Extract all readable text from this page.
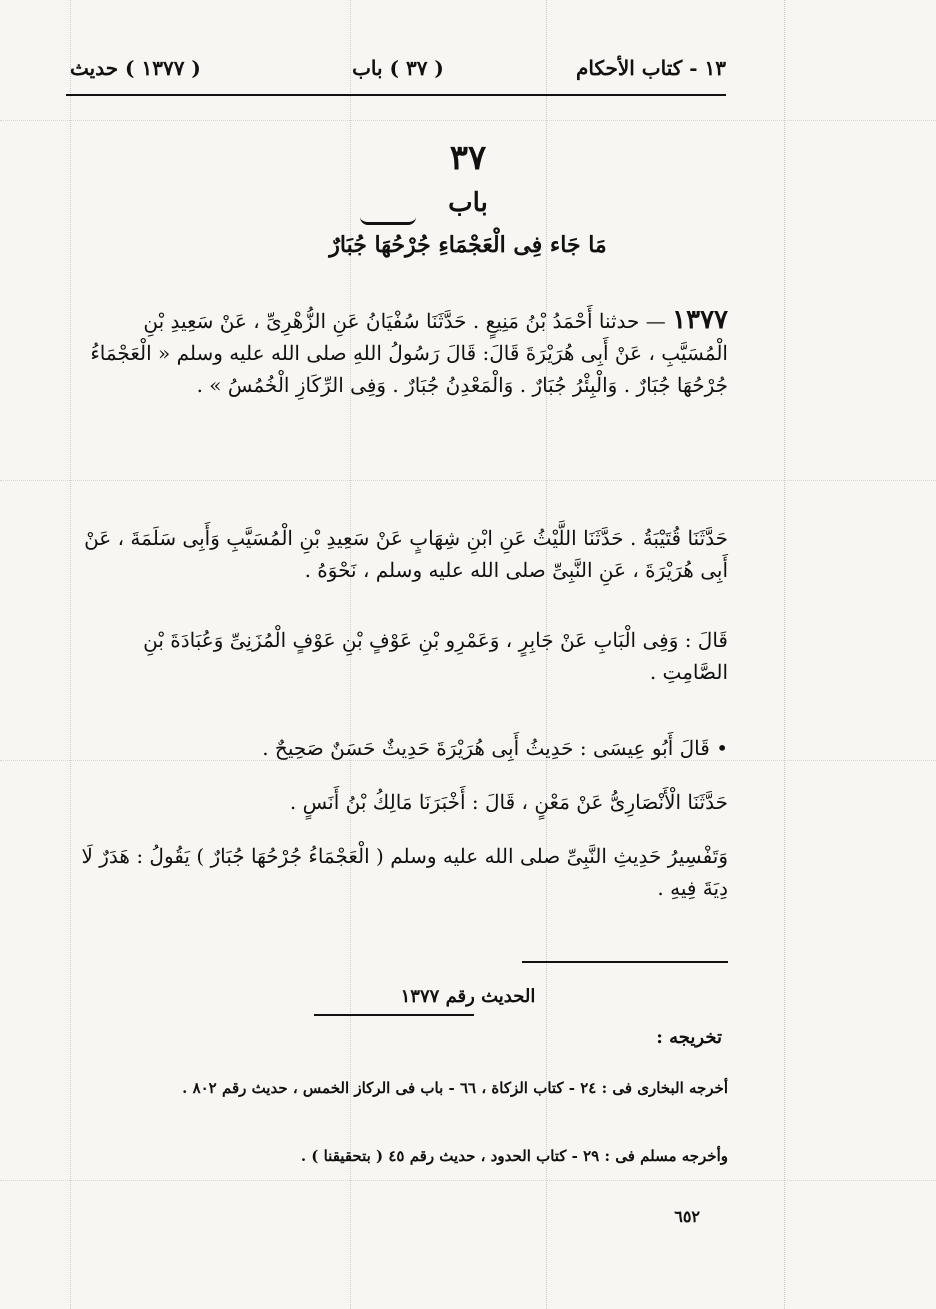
( ١٣٧٧ ) حديث	( ٣٧ ) باب	١٣ - كتاب الأحكام
٣٧
باب
مَا جَاء فِى الْعَجْمَاءِ جُرْحُهَا جُبَارٌ

١٣٧٧ — حدثنا أَحْمَدُ بْنُ مَنِيعٍ . حَدَّثَنَا سُفْيَانُ عَنِ الزُّهْرِىِّ ، عَنْ سَعِيدِ بْنِ الْمُسَيَّبِ ، عَنْ أَبِى هُرَيْرَةَ قَالَ: قَالَ رَسُولُ اللهِ صلى الله عليه وسلم « الْعَجْمَاءُ جُرْحُهَا جُبَارٌ . وَالْبِئْرُ جُبَارٌ . وَالْمَعْدِنُ جُبَارٌ . وَفِى الرِّكَازِ الْخُمُسُ » .

حَدَّثَنَا قُتَيْبَةُ . حَدَّثَنَا اللَّيْثُ عَنِ ابْنِ شِهَابٍ عَنْ سَعِيدِ بْنِ الْمُسَيَّبِ وَأَبِى سَلَمَةَ ، عَنْ أَبِى هُرَيْرَةَ ، عَنِ النَّبِىِّ صلى الله عليه وسلم ، نَحْوَهُ .

قَالَ : وَفِى الْبَابِ عَنْ جَابِرٍ ، وَعَمْرِو بْنِ عَوْفٍ بْنِ عَوْفٍ الْمُزَنِىِّ وَعُبَادَةَ بْنِ الصَّامِتِ .

• قَالَ أَبُو عِيسَى : حَدِيثُ أَبِى هُرَيْرَةَ حَدِيثٌ حَسَنٌ صَحِيحٌ .

حَدَّثَنَا الْأَنْصَارِىُّ عَنْ مَعْنٍ ، قَالَ : أَخْبَرَنَا مَالِكُ بْنُ أَنَسٍ .

وَتَفْسِيرُ حَدِيثِ النَّبِىِّ صلى الله عليه وسلم ( الْعَجْمَاءُ جُرْحُهَا جُبَارٌ ) يَقُولُ : هَدَرٌ لَا دِيَةَ فِيهِ .

الحديث رقم ١٣٧٧
تخريجه :
أخرجه البخارى فى : ٢٤ - كتاب الزكاة ، ٦٦ - باب فى الركاز الخمس ، حديث رقم ٨٠٢ .
وأخرجه مسلم فى : ٢٩ - كتاب الحدود ، حديث رقم ٤٥ ( بتحقيقنا ) .
٦٥٢
